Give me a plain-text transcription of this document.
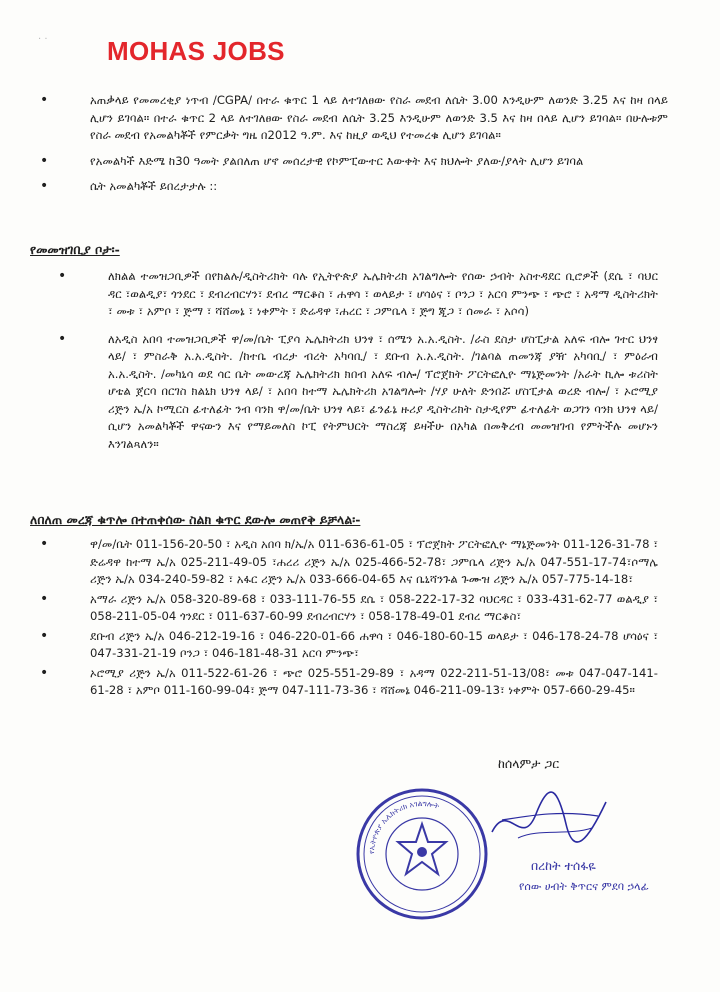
· · MOHAS JOBS
•	አጠቃላይ የመመረቂያ ነጥብ /CGPA/ በተራ ቁጥር 1 ላይ ለተገለፀው የስራ መደብ ለሴት 3.00 እንዲሁም ለወንድ 3.25 እና ከዛ በላይ ሊሆን ይገባል። በተራ ቁጥር 2 ላይ ለተገለፀው የስራ መደብ ለሴት 3.25 እንዲሁም ለወንድ 3.5 እና ከዛ በላይ ሊሆን ይገባል። በሁሉቱም የስራ መደብ የአመልካቾች የምርቃት ግዜ በ2012 ዓ.ም. እና ከዚያ ወዲህ የተመረቁ ሊሆን ይገባል።
•	የአመልካች እድሜ ከ30 ዓመት ያልበለጠ ሆኖ መሰረታዊ የኮምፒውተር እውቀት እና ክህሎት ያለው/ያላት ሊሆን ይገባል
•	ሴት አመልካቾች ይበረታታሉ ::
የመመዝገቢያ ቦታ፡-
•	ለክልል ተመዝጋቢዎች በየክልሉ/ዲስትሪክት ባሉ የኢትዮጵያ ኤሌክትሪክ አገልግሎት የሰው ኃብት አስተዳደር ቢሮዎች (ደሴ ፣ ባህር ዳር ፣ወልዲያ፣ ጎንደር ፣ ደብረብርሃን፣ ደብረ ማርቆስ ፣ ሐዋሳ ፣ ወላይታ ፣ ሆሳዕና ፣ ቦንጋ ፣ አርባ ምንጭ ፣ ጭሮ ፣ አዳማ ዲስትሪክት ፣ መቱ ፣ አምቦ ፣ ጅማ ፣ ሻሸመኔ ፣ ነቀምት ፣ ድሬዳዋ ፣ሐረር ፣ ጋምቤላ ፣ ጅግ ጂጋ ፣ ሰመራ ፣ አሶሳ)
•	ለአዲስ አበባ ተመዝጋቢዎች ዋ/መ/ቤት ፒያሳ ኤሌክትሪክ ህንፃ ፣ ሰሜን አ.አ.ዲስት. /ራስ ደስታ ሆስፒታል አለፍ ብሎ ገተር ህንፃ ላይ/ ፣ ምስራቅ አ.አ.ዲስት. /ከተቤ ብረታ ብረት አካባቢ/ ፣ ደቡብ አ.አ.ዲስት. /ገልባል ጠመንጃ ያዥ አካባቢ/ ፣ ምዕራብ አ.አ.ዲስት. /መካኒሳ ወደ ሳር ቤት መውረጃ ኤሌክትሪክ ክበብ አለፍ ብሎ/ ፕሮጀክት ፖርትፎሊዮ ማኔጅመንት /አራት ኪሎ ቱሪስት ሆቴል ጀርባ በርገስ ክልኒክ ህንፃ ላይ/ ፣ አበባ ከተማ ኤሌክትሪክ አገልግሎት /ሃያ ሁለት ድንበሯ ሆስፒታል ወረድ ብሎ/ ፣ ኦሮሚያ ሪጅን ኤ/አ ኮሚርስ ፊተለፊት ንብ ባንክ ዋ/መ/ቤት ህንፃ ላይ፣ ፊንፊኔ ዙሪያ ዲስትሪክት ስታዲየም ፊተለፊት ወጋገን ባንክ ህንፃ ላይ/ ሲሆን አመልካቾች ዋናውን እና የማይመለስ ኮፒ የትምህርት ማስረጃ ይዛችሁ በአካል በመቅረብ መመዝገብ የምትችሉ መሆኑን እንገልጻለን።
ለበለጠ መረጃ ቁጥሎ በተጠቀሰው ስልክ ቁጥር ደውሎ መጠየቅ ይቻላል፡-
•	ዋ/መ/ቤት 011-156-20-50 ፣ አዲስ አበባ ክ/ኤ/አ 011-636-61-05 ፣ ፕሮጀክት ፖርትፎሊዮ ማኔጅመንት 011-126-31-78 ፣ ድሬዳዋ ከተማ ኤ/አ 025-211-49-05 ፣ሐረሪ ሪጅን ኤ/አ 025-466-52-78፣ ጋምቤላ ሪጅን ኤ/አ 047-551-17-74፣ሶማሌ ሪጅን ኤ/አ 034-240-59-82 ፣ አፋር ሪጅን ኤ/አ 033-666-04-65 እና ቤኒሻንጉል ጉሙዝ ሪጅን ኤ/አ 057-775-14-18፣
•	አማራ ሪጅን ኤ/አ 058-320-89-68 ፣ 033-111-76-55 ደሴ ፣ 058-222-17-32 ባህርዳር ፣ 033-431-62-77 ወልዲያ ፣ 058-211-05-04 ጎንደር ፣ 011-637-60-99 ደብረብርሃን ፣ 058-178-49-01 ደብረ ማርቆስ፣
•	ደቡብ ሪጅን ኤ/አ 046-212-19-16 ፣ 046-220-01-66 ሐዋሳ ፣ 046-180-60-15 ወላይታ ፣ 046-178-24-78 ሆሳዕና ፣ 047-331-21-19 ቦንጋ ፣ 046-181-48-31 አርባ ምንጭ፣
•	ኦሮሚያ ሪጅን ኤ/አ 011-522-61-26 ፣ ጭሮ 025-551-29-89 ፣ አዳማ 022-211-51-13/08፣ መቱ 047-047-141-61-28 ፣ አምቦ 011-160-99-04፣ ጅማ 047-111-73-36 ፣ ሻሸመኔ 046-211-09-13፣ ነቀምት 057-660-29-45።
ከሰላምታ ጋር
የኢትዮጵያ ኤሌክትሪክ አገልግሎት
በረከት ተሰፋዬ
የሰው ሀብት ቅጥርና ምደባ ኃላፊ
